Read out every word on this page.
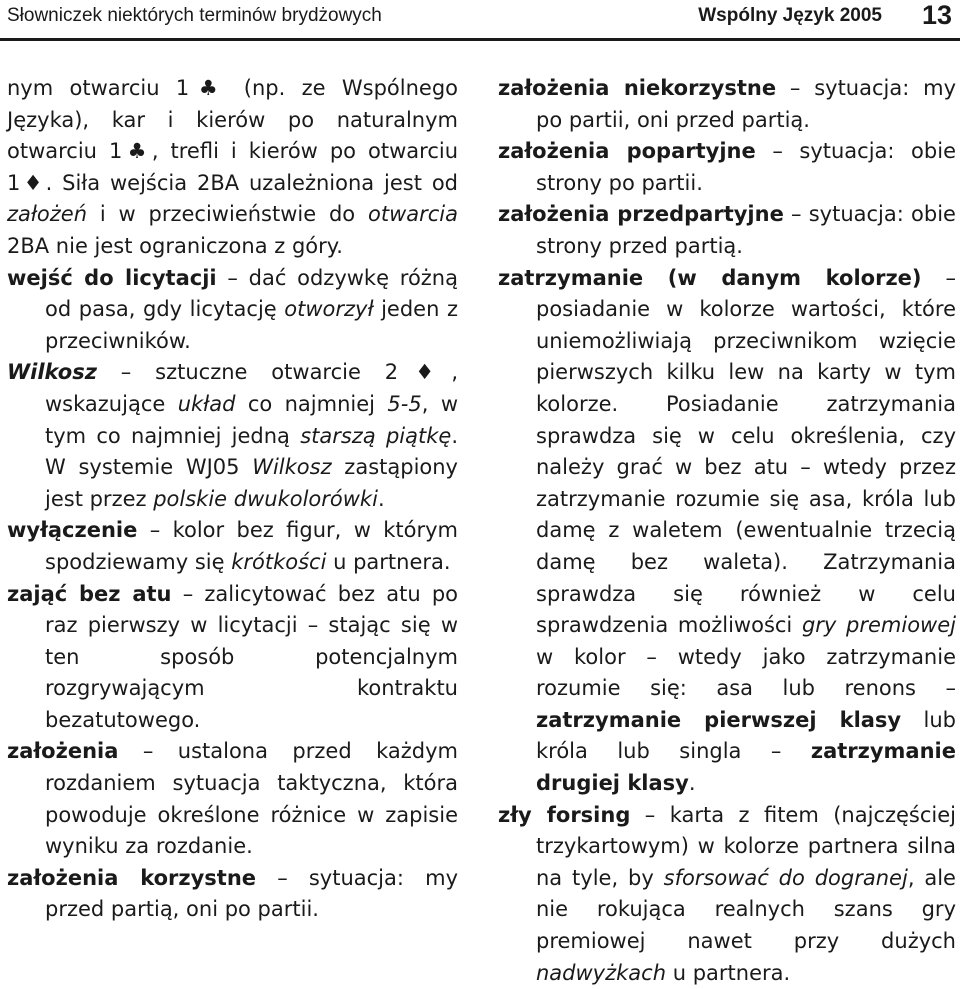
Słowniczek niektórych terminów brydżowych	Wspólny Język 2005 13

nym otwarciu 1♣ (np. ze Wspólnego Języka), kar i kierów po naturalnym otwarciu 1♣, trefli i kierów po otwarciu 1♦. Siła wejścia 2BA uzależniona jest od założeń i w przeciwieństwie do otwarcia 2BA nie jest ograniczona z góry.

wejść do licytacji – dać odzywkę różną od pasa, gdy licytację otworzył jeden z przeciwników.

Wilkosz – sztuczne otwarcie 2♦, wskazujące układ co najmniej 5-5, w tym co najmniej jedną starszą piątkę. W systemie WJ05 Wilkosz zastąpiony jest przez polskie dwukolorówki.

wyłączenie – kolor bez figur, w którym spodziewamy się krótkości u partnera.

zająć bez atu – zalicytować bez atu po raz pierwszy w licytacji – stając się w ten sposób potencjalnym rozgrywającym kontraktu bezatutowego.

założenia – ustalona przed każdym rozdaniem sytuacja taktyczna, która powoduje określone różnice w zapisie wyniku za rozdanie.

założenia korzystne – sytuacja: my przed partią, oni po partii.

założenia niekorzystne – sytuacja: my po partii, oni przed partią.

założenia popartyjne – sytuacja: obie strony po partii.

założenia przedpartyjne – sytuacja: obie strony przed partią.

zatrzymanie (w danym kolorze) – posiadanie w kolorze wartości, które uniemożliwiają przeciwnikom wzięcie pierwszych kilku lew na karty w tym kolorze. Posiadanie zatrzymania sprawdza się w celu określenia, czy należy grać w bez atu – wtedy przez zatrzymanie rozumie się asa, króla lub damę z waletem (ewentualnie trzecią damę bez waleta). Zatrzymania sprawdza się również w celu sprawdzenia możliwości gry premiowej w kolor – wtedy jako zatrzymanie rozumie się: asa lub renons – zatrzymanie pierwszej klasy lub króla lub singla – zatrzymanie drugiej klasy.

zły forsing – karta z fitem (najczęściej trzykartowym) w kolorze partnera silna na tyle, by sforsować do dogranej, ale nie rokująca realnych szans gry premiowej nawet przy dużych nadwyżkach u partnera.
